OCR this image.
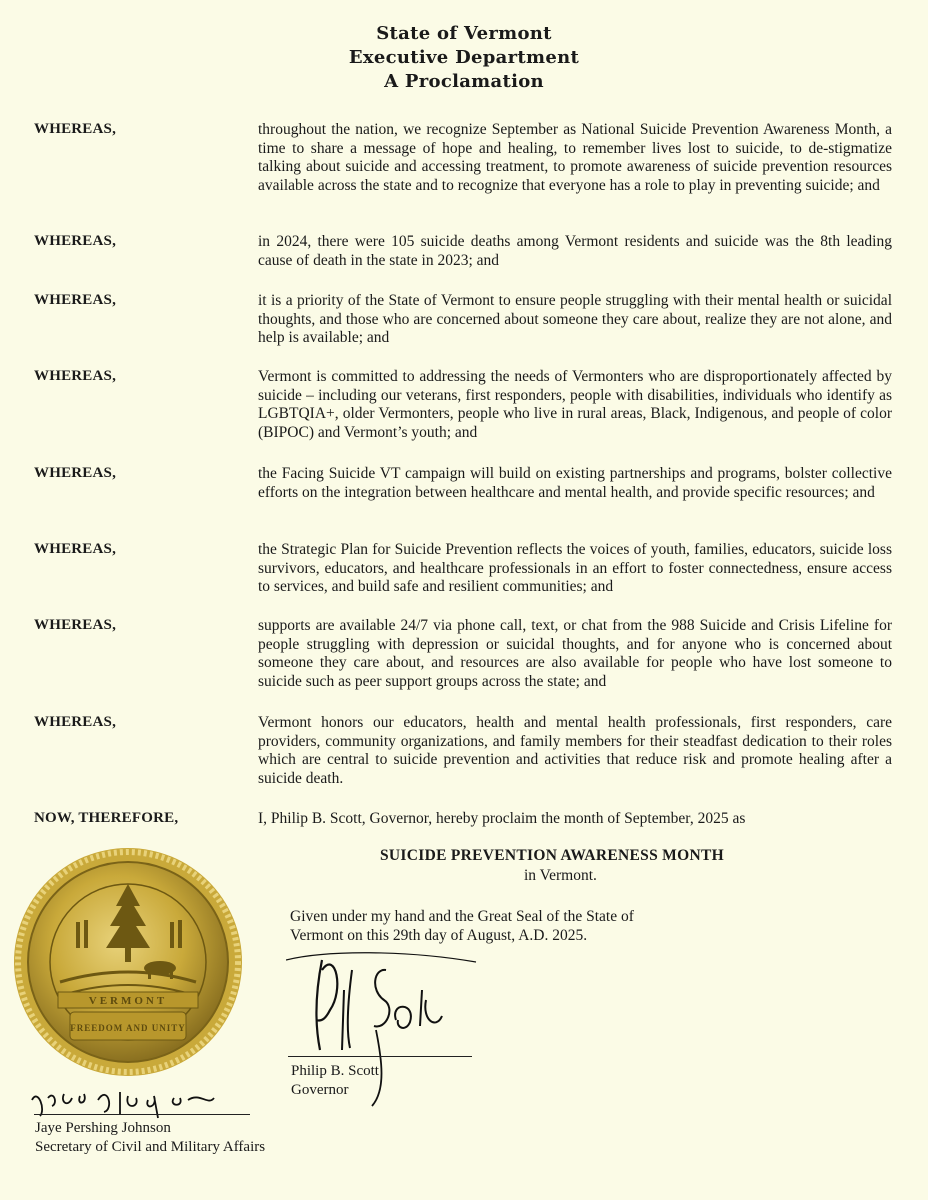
State of Vermont
Executive Department
A Proclamation
WHEREAS,	throughout the nation, we recognize September as National Suicide Prevention Awareness Month, a time to share a message of hope and healing, to remember lives lost to suicide, to de-stigmatize talking about suicide and accessing treatment, to promote awareness of suicide prevention resources available across the state and to recognize that everyone has a role to play in preventing suicide; and
WHEREAS,	in 2024, there were 105 suicide deaths among Vermont residents and suicide was the 8th leading cause of death in the state in 2023; and
WHEREAS,	it is a priority of the State of Vermont to ensure people struggling with their mental health or suicidal thoughts, and those who are concerned about someone they care about, realize they are not alone, and help is available; and
WHEREAS,	Vermont is committed to addressing the needs of Vermonters who are disproportionately affected by suicide – including our veterans, first responders, people with disabilities, individuals who identify as LGBTQIA+, older Vermonters, people who live in rural areas, Black, Indigenous, and people of color (BIPOC) and Vermont’s youth; and
WHEREAS,	the Facing Suicide VT campaign will build on existing partnerships and programs, bolster collective efforts on the integration between healthcare and mental health, and provide specific resources; and
WHEREAS,	the Strategic Plan for Suicide Prevention reflects the voices of youth, families, educators, suicide loss survivors, educators, and healthcare professionals in an effort to foster connectedness, ensure access to services, and build safe and resilient communities; and
WHEREAS,	supports are available 24/7 via phone call, text, or chat from the 988 Suicide and Crisis Lifeline for people struggling with depression or suicidal thoughts, and for anyone who is concerned about someone they care about, and resources are also available for people who have lost someone to suicide such as peer support groups across the state; and
WHEREAS,	Vermont honors our educators, health and mental health professionals, first responders, care providers, community organizations, and family members for their steadfast dedication to their roles which are central to suicide prevention and activities that reduce risk and promote healing after a suicide death.
NOW, THEREFORE,	I, Philip B. Scott, Governor, hereby proclaim the month of September, 2025 as
SUICIDE PREVENTION AWARENESS MONTH
in Vermont.
Given under my hand and the Great Seal of the State of
Vermont on this 29th day of August, A.D. 2025.
VERMONT
FREEDOM AND UNITY
Philip B. Scott
Governor
Jaye Pershing Johnson
Secretary of Civil and Military Affairs
